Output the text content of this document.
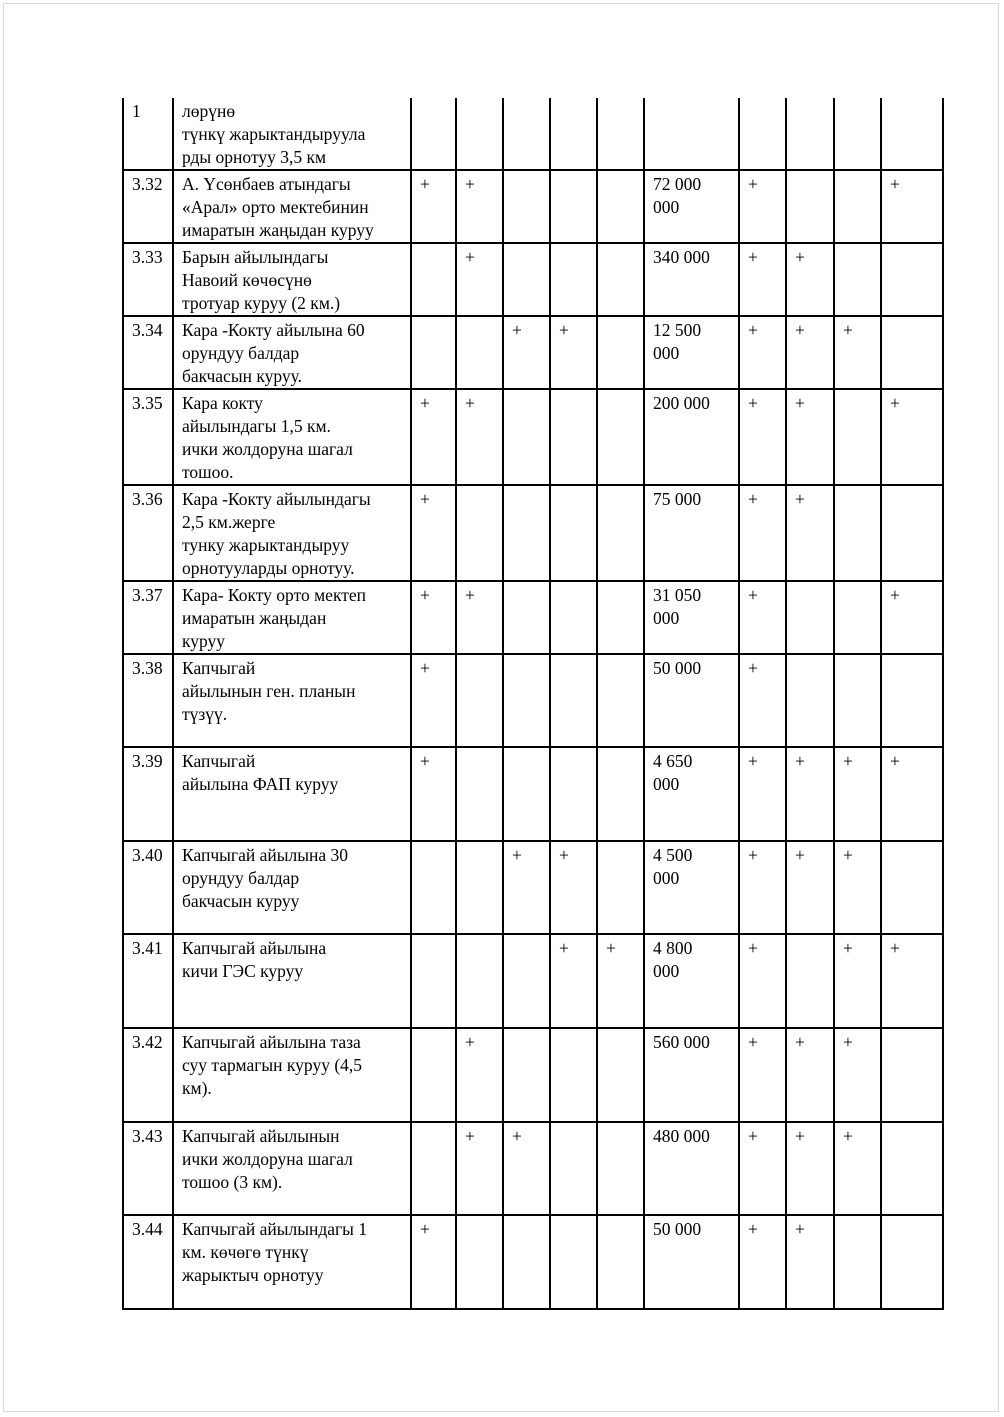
1	лөрүнө
түнкү жарыктандыруула
рды орнотуу 3,5 км										
3.32	А. Үсөнбаев атындагы
«Арал» орто мектебинин
имаратын жаңыдан куруу	+	+				72 000
000	+			+
3.33	Барын айылындагы
Навоий көчөсүнө
тротуар куруу (2 км.)		+				340 000	+	+		
3.34	Кара -Кокту айылына 60
орундуу балдар
бакчасын куруу.			+	+		12 500
000	+	+	+	
3.35	Кара кокту
айылындагы 1,5 км.
ички жолдоруна шагал
тошоо.	+	+				200 000	+	+		+
3.36	Кара -Кокту айылындагы
2,5 км.жерге
тунку жарыктандыруу
орнотууларды орнотуу.	+					75 000	+	+		
3.37	Кара- Кокту орто мектеп
имаратын жаңыдан
куруу	+	+				31 050
000	+			+
3.38	Капчыгай
айылынын ген. планын
түзүү.	+					50 000	+			
3.39	Капчыгай
айылына ФАП куруу	+					4 650
000	+	+	+	+
3.40	Капчыгай айылына 30
орундуу балдар
бакчасын куруу			+	+		4 500
000	+	+	+	
3.41	Капчыгай айылына
кичи ГЭС куруу				+	+	4 800
000	+		+	+
3.42	Капчыгай айылына таза
суу тармагын куруу (4,5
км).		+				560 000	+	+	+	
3.43	Капчыгай айылынын
ички жолдоруна шагал
тошоо (3 км).		+	+			480 000	+	+	+	
3.44	Капчыгай айылындагы 1
км. көчөгө түнкү
жарыктыч орнотуу	+					50 000	+	+		
